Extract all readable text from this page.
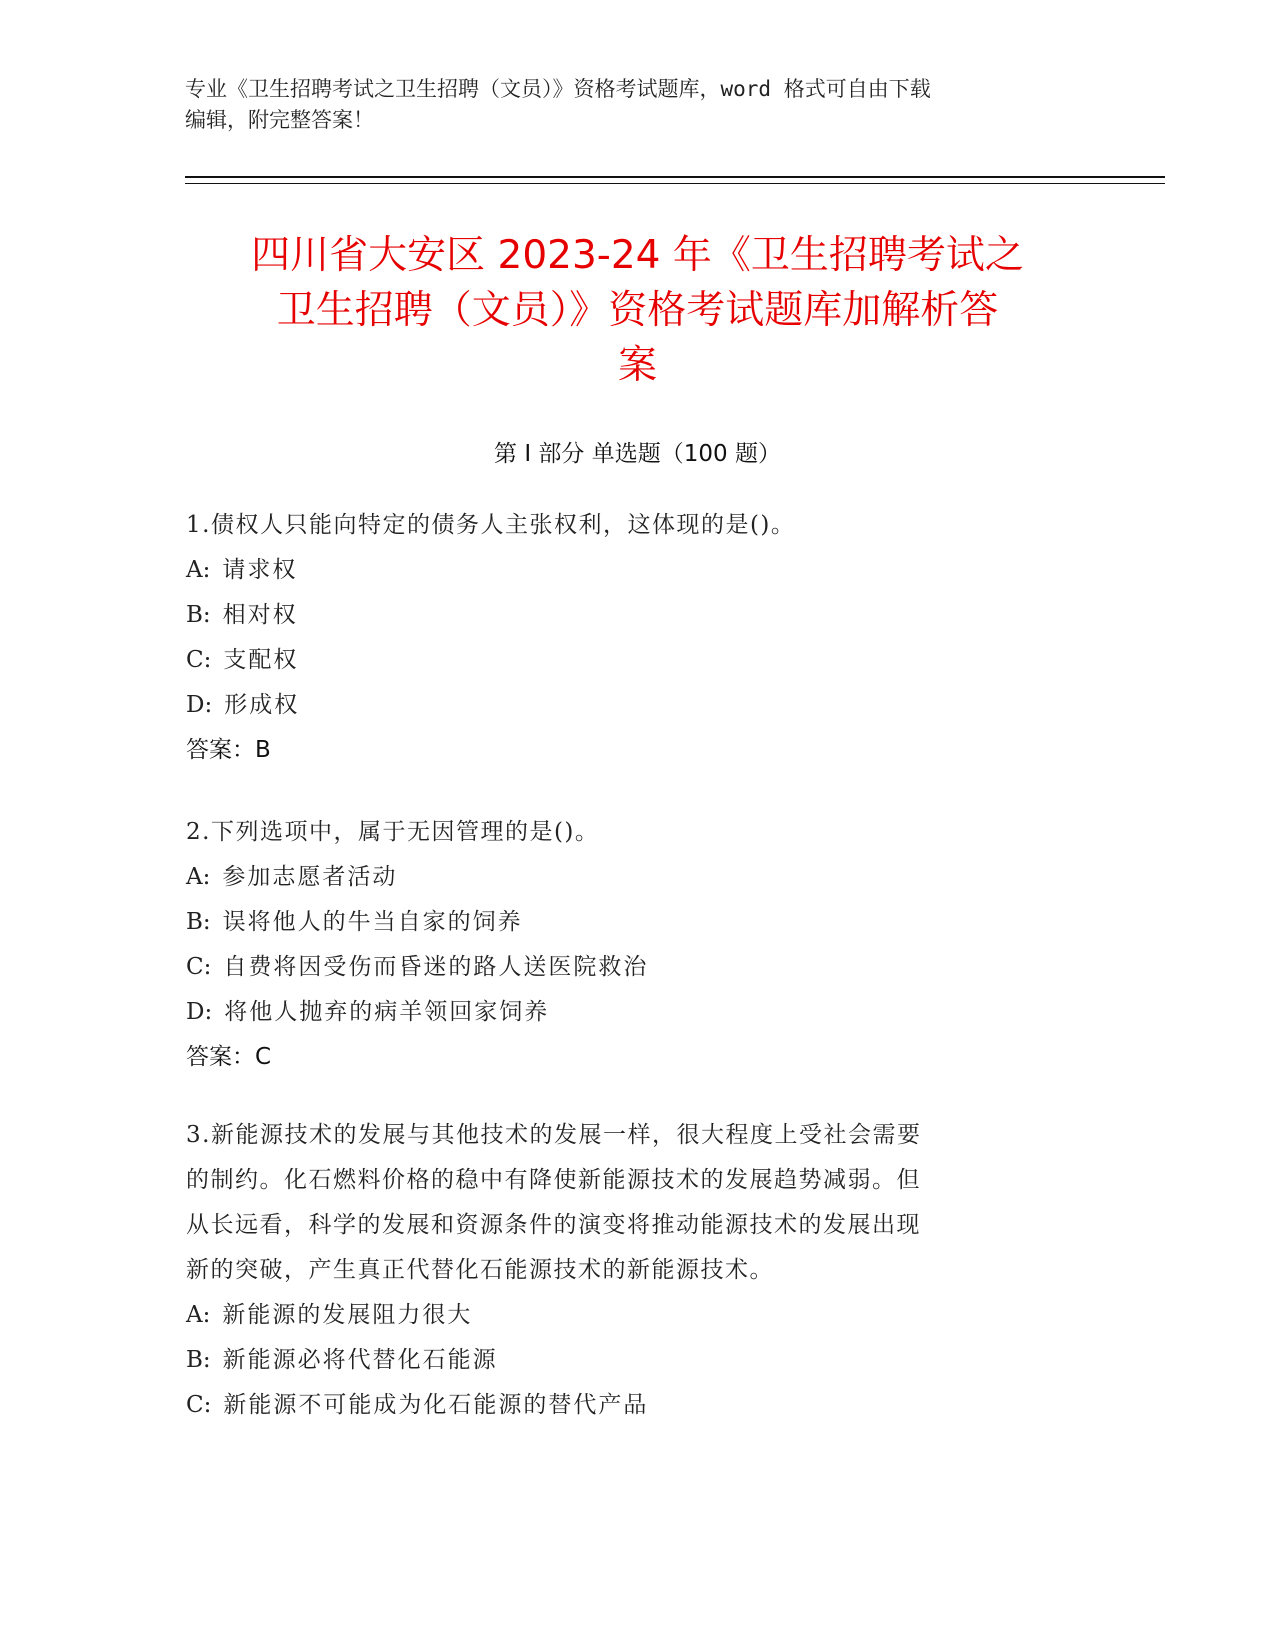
专业《卫生招聘考试之卫生招聘（文员）》资格考试题库，word 格式可自由下载
编辑，附完整答案！
四川省大安区 2023-24 年《卫生招聘考试之
卫生招聘（文员）》资格考试题库加解析答
案
第 I 部分 单选题（100 题）
1.债权人只能向特定的债务人主张权利，这体现的是()。
A: 请求权
B: 相对权
C: 支配权
D: 形成权
答案：B
2.下列选项中，属于无因管理的是()。
A: 参加志愿者活动
B: 误将他人的牛当自家的饲养
C: 自费将因受伤而昏迷的路人送医院救治
D: 将他人抛弃的病羊领回家饲养
答案：C
3.新能源技术的发展与其他技术的发展一样，很大程度上受社会需要
的制约。化石燃料价格的稳中有降使新能源技术的发展趋势减弱。但
从长远看，科学的发展和资源条件的演变将推动能源技术的发展出现
新的突破，产生真正代替化石能源技术的新能源技术。
A: 新能源的发展阻力很大
B: 新能源必将代替化石能源
C: 新能源不可能成为化石能源的替代产品
